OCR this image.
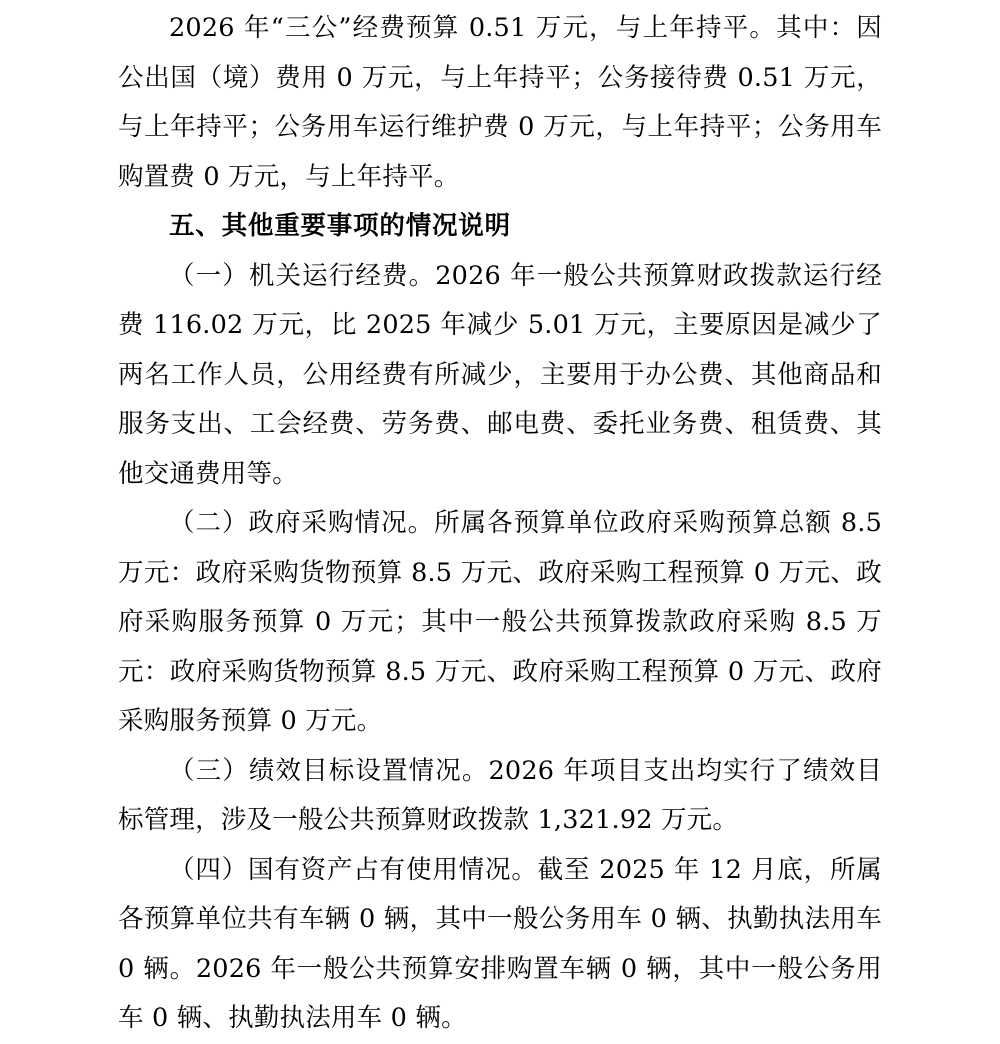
2026 年“三公”经费预算 0.51 万元，与上年持平。其中：因公出国（境）费用 0 万元，与上年持平；公务接待费 0.51 万元，与上年持平；公务用车运行维护费 0 万元，与上年持平；公务用车购置费 0 万元，与上年持平。

五、其他重要事项的情况说明

（一）机关运行经费。2026 年一般公共预算财政拨款运行经费 116.02 万元，比 2025 年减少 5.01 万元，主要原因是减少了两名工作人员，公用经费有所减少，主要用于办公费、其他商品和服务支出、工会经费、劳务费、邮电费、委托业务费、租赁费、其他交通费用等。

（二）政府采购情况。所属各预算单位政府采购预算总额 8.5 万元：政府采购货物预算 8.5 万元、政府采购工程预算 0 万元、政府采购服务预算 0 万元；其中一般公共预算拨款政府采购 8.5 万元：政府采购货物预算 8.5 万元、政府采购工程预算 0 万元、政府采购服务预算 0 万元。

（三）绩效目标设置情况。2026 年项目支出均实行了绩效目标管理，涉及一般公共预算财政拨款 1,321.92 万元。

（四）国有资产占有使用情况。截至 2025 年 12 月底，所属各预算单位共有车辆 0 辆，其中一般公务用车 0 辆、执勤执法用车 0 辆。2026 年一般公共预算安排购置车辆 0 辆，其中一般公务用车 0 辆、执勤执法用车 0 辆。
